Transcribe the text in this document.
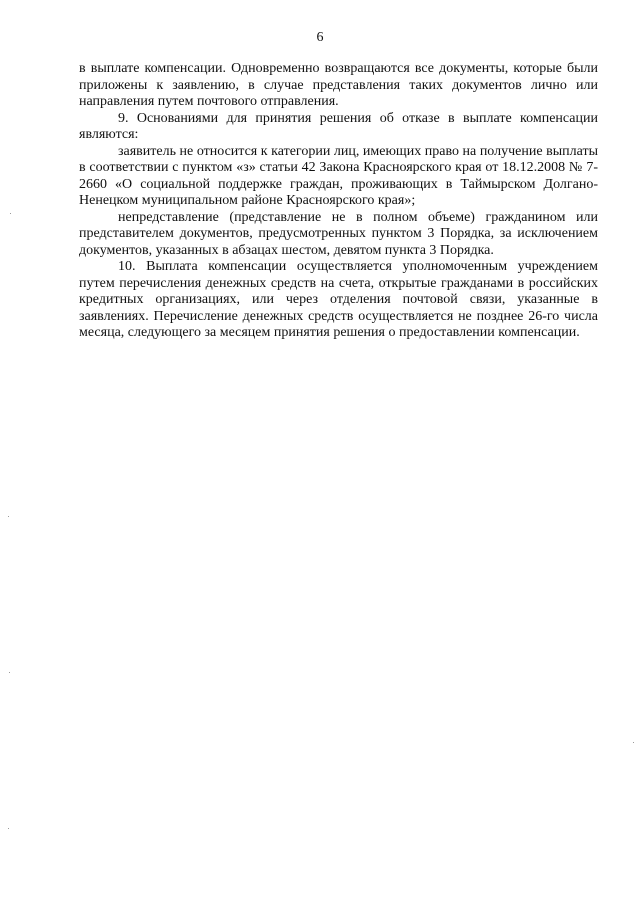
6

в выплате компенсации. Одновременно возвращаются все документы, которые были приложены к заявлению, в случае представления таких документов лично или направления путем почтового отправления.

9. Основаниями для принятия решения об отказе в выплате компенсации являются:

заявитель не относится к категории лиц, имеющих право на получение выплаты в соответствии с пунктом «з» статьи 42 Закона Красноярского края от 18.12.2008 № 7-2660 «О социальной поддержке граждан, проживающих в Таймырском Долгано-Ненецком муниципальном районе Красноярского края»;

непредставление (представление не в полном объеме) гражданином или представителем документов, предусмотренных пунктом 3 Порядка, за исключением документов, указанных в абзацах шестом, девятом пункта 3 Порядка.

10. Выплата компенсации осуществляется уполномоченным учреждением путем перечисления денежных средств на счета, открытые гражданами в российских кредитных организациях, или через отделения почтовой связи, указанные в заявлениях. Перечисление денежных средств осуществляется не позднее 26-го числа месяца, следующего за месяцем принятия решения о предоставлении компенсации.
